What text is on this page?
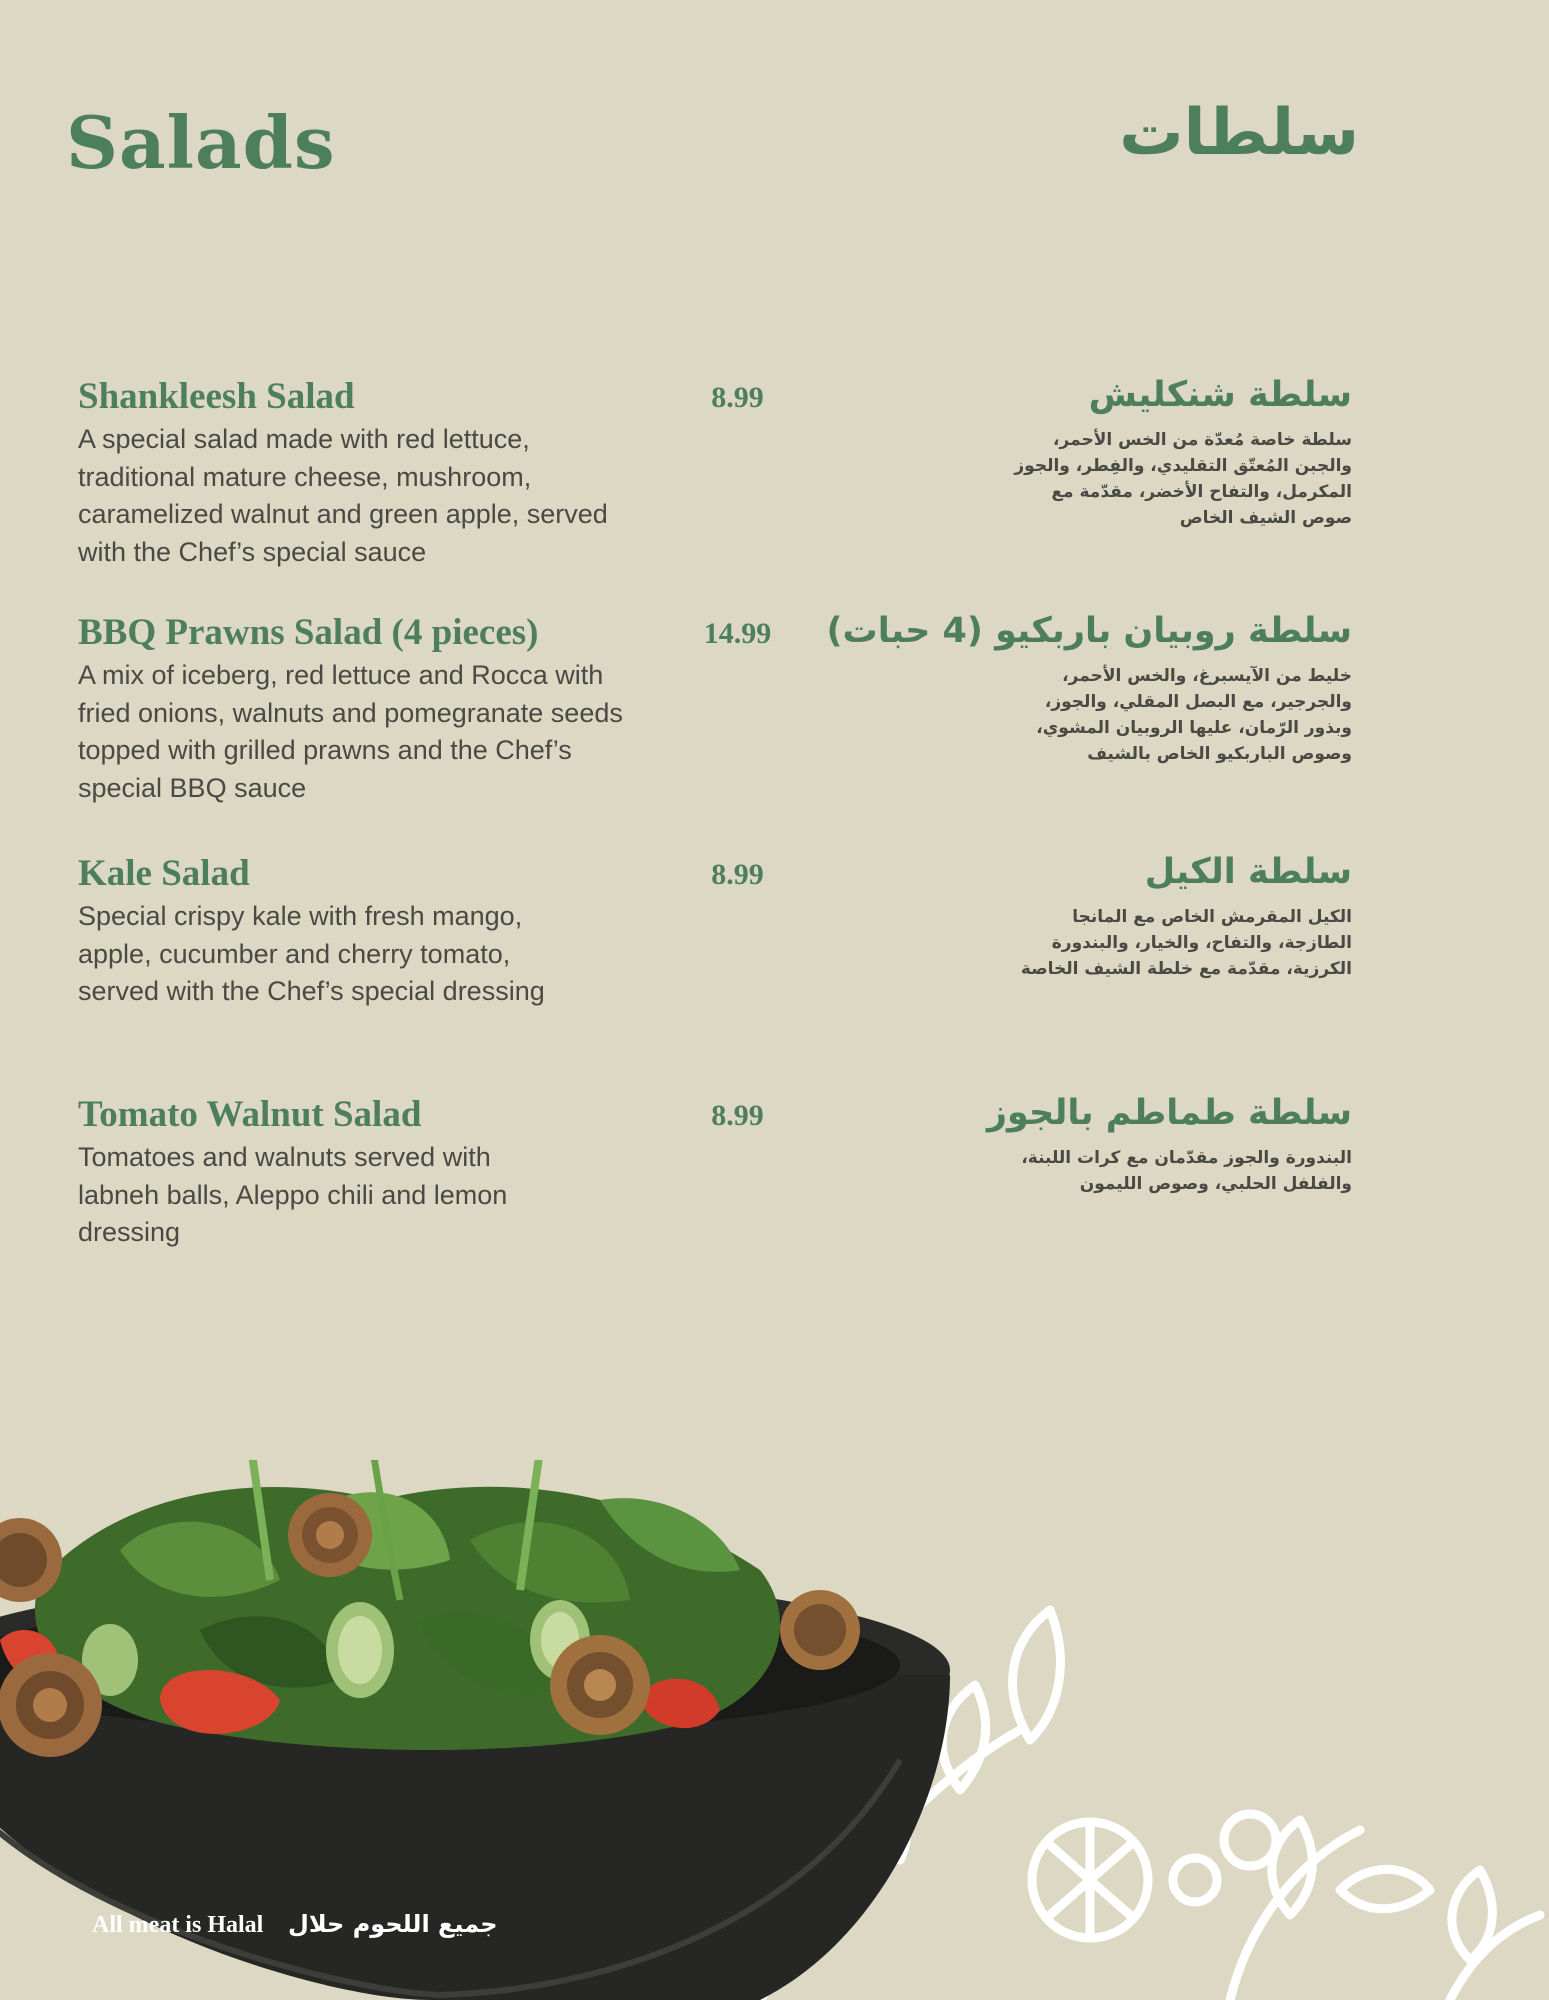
Salads	سلطات
Shankleesh Salad	8.99
A special salad made with red lettuce, traditional mature cheese, mushroom, caramelized walnut and green apple, served with the Chef’s special sauce
سلطة شنكليش
سلطة خاصة مُعدّة من الخس الأحمر، والجبن المُعتّق التقليدي، والفِطر، والجوز المكرمل، والتفاح الأخضر، مقدّمة مع صوص الشيف الخاص
BBQ Prawns Salad (4 pieces)	14.99
A mix of iceberg, red lettuce and Rocca with fried onions, walnuts and pomegranate seeds topped with grilled prawns and the Chef’s special BBQ sauce
سلطة روبيان باربكيو (4 حبات)
خليط من الآيسبرغ، والخس الأحمر، والجرجير، مع البصل المقلي، والجوز، وبذور الرّمان، عليها الروبيان المشوي، وصوص الباربكيو الخاص بالشيف
Kale Salad	8.99
Special crispy kale with fresh mango, apple, cucumber and cherry tomato, served with the Chef’s special dressing
سلطة الكيل
الكيل المقرمش الخاص مع المانجا الطازجة، والتفاح، والخيار، والبندورة الكرزية، مقدّمة مع خلطة الشيف الخاصة
Tomato Walnut Salad	8.99
Tomatoes and walnuts served with labneh balls, Aleppo chili and lemon dressing
سلطة طماطم بالجوز
البندورة والجوز مقدّمان مع كرات اللبنة، والفلفل الحلبي، وصوص الليمون
All meat is Halal جميع اللحوم حلال
